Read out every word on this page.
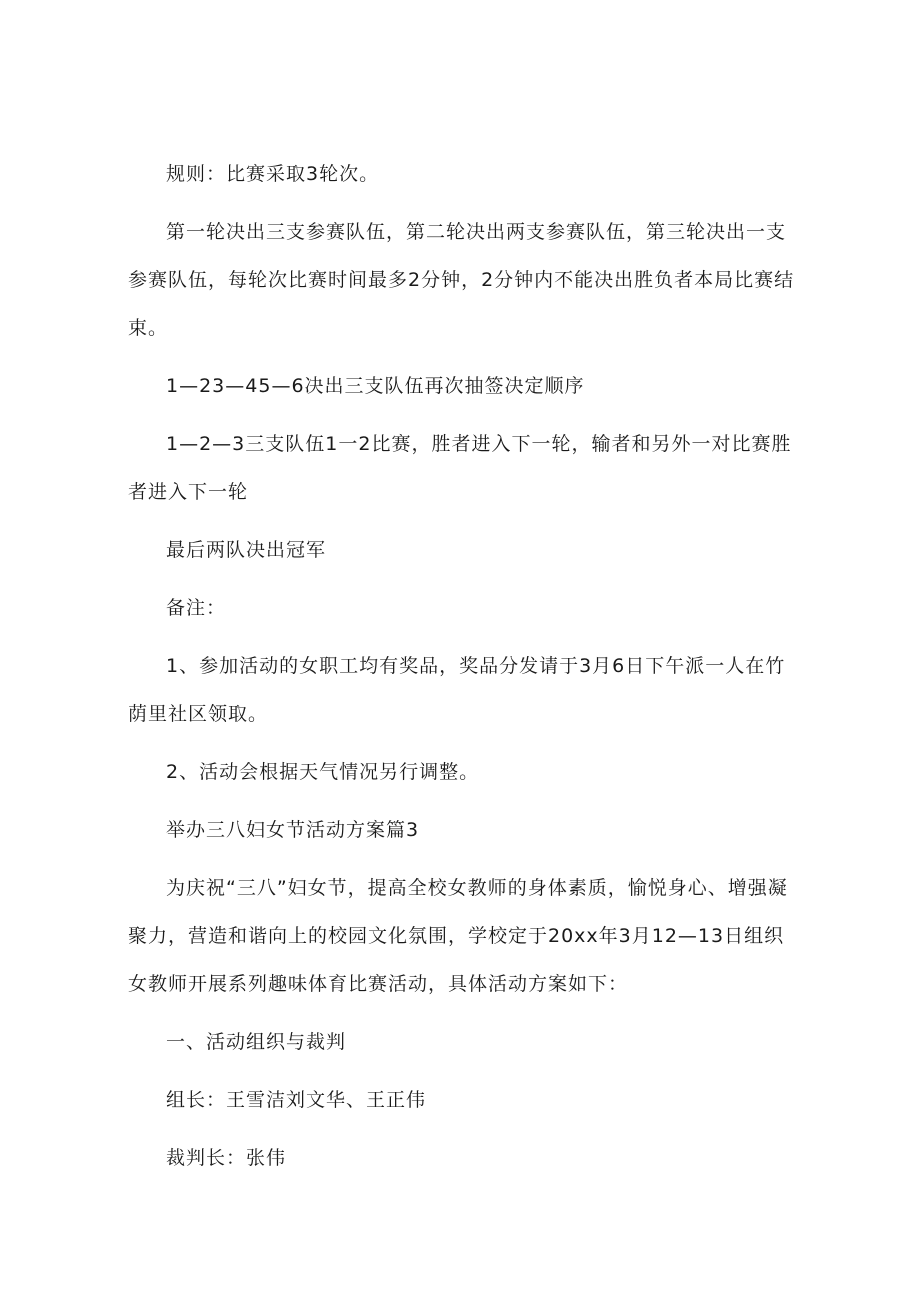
规则：比赛采取3轮次。

第一轮决出三支参赛队伍，第二轮决出两支参赛队伍，第三轮决出一支参赛队伍，每轮次比赛时间最多2分钟，2分钟内不能决出胜负者本局比赛结束。

1—23—45—6决出三支队伍再次抽签决定顺序

1—2—3三支队伍1一2比赛，胜者进入下一轮，输者和另外一对比赛胜者进入下一轮

最后两队决出冠军

备注：

1、参加活动的女职工均有奖品，奖品分发请于3月6日下午派一人在竹荫里社区领取。

2、活动会根据天气情况另行调整。

举办三八妇女节活动方案篇3

为庆祝“三八”妇女节，提高全校女教师的身体素质，愉悦身心、增强凝聚力，营造和谐向上的校园文化氛围，学校定于20xx年3月12—13日组织女教师开展系列趣味体育比赛活动，具体活动方案如下：

一、活动组织与裁判

组长：王雪洁刘文华、王正伟

裁判长：张伟
